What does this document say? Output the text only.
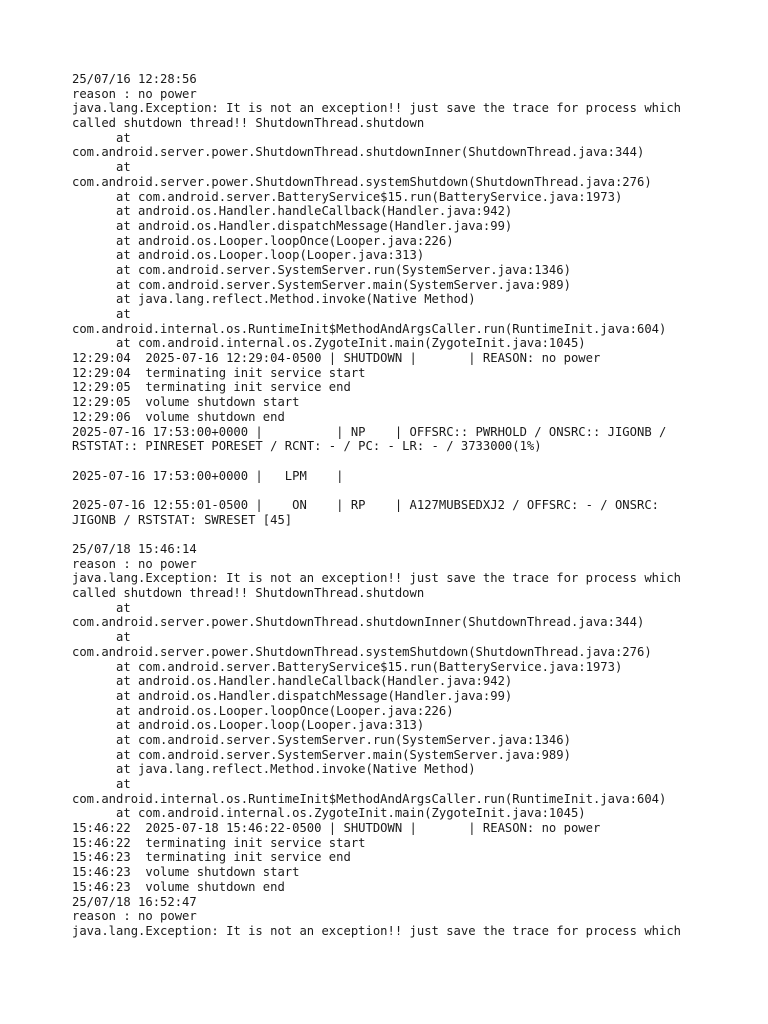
25/07/16 12:28:56
reason : no power
java.lang.Exception: It is not an exception!! just save the trace for process which
called shutdown thread!! ShutdownThread.shutdown
at
com.android.server.power.ShutdownThread.shutdownInner(ShutdownThread.java:344)
at
com.android.server.power.ShutdownThread.systemShutdown(ShutdownThread.java:276)
at com.android.server.BatteryService$15.run(BatteryService.java:1973)
at android.os.Handler.handleCallback(Handler.java:942)
at android.os.Handler.dispatchMessage(Handler.java:99)
at android.os.Looper.loopOnce(Looper.java:226)
at android.os.Looper.loop(Looper.java:313)
at com.android.server.SystemServer.run(SystemServer.java:1346)
at com.android.server.SystemServer.main(SystemServer.java:989)
at java.lang.reflect.Method.invoke(Native Method)
at
com.android.internal.os.RuntimeInit$MethodAndArgsCaller.run(RuntimeInit.java:604)
at com.android.internal.os.ZygoteInit.main(ZygoteInit.java:1045)
12:29:04  2025-07-16 12:29:04-0500 | SHUTDOWN |       | REASON: no power
12:29:04  terminating init service start
12:29:05  terminating init service end
12:29:05  volume shutdown start
12:29:06  volume shutdown end
2025-07-16 17:53:00+0000 |          | NP    | OFFSRC:: PWRHOLD / ONSRC:: JIGONB /
RSTSTAT:: PINRESET PORESET / RCNT: - / PC: - LR: - / 3733000(1%)
2025-07-16 17:53:00+0000 |   LPM    |
2025-07-16 12:55:01-0500 |    ON    | RP    | A127MUBSEDXJ2 / OFFSRC: - / ONSRC:
JIGONB / RSTSTAT: SWRESET [45]
25/07/18 15:46:14
reason : no power
java.lang.Exception: It is not an exception!! just save the trace for process which
called shutdown thread!! ShutdownThread.shutdown
at
com.android.server.power.ShutdownThread.shutdownInner(ShutdownThread.java:344)
at
com.android.server.power.ShutdownThread.systemShutdown(ShutdownThread.java:276)
at com.android.server.BatteryService$15.run(BatteryService.java:1973)
at android.os.Handler.handleCallback(Handler.java:942)
at android.os.Handler.dispatchMessage(Handler.java:99)
at android.os.Looper.loopOnce(Looper.java:226)
at android.os.Looper.loop(Looper.java:313)
at com.android.server.SystemServer.run(SystemServer.java:1346)
at com.android.server.SystemServer.main(SystemServer.java:989)
at java.lang.reflect.Method.invoke(Native Method)
at
com.android.internal.os.RuntimeInit$MethodAndArgsCaller.run(RuntimeInit.java:604)
at com.android.internal.os.ZygoteInit.main(ZygoteInit.java:1045)
15:46:22  2025-07-18 15:46:22-0500 | SHUTDOWN |       | REASON: no power
15:46:22  terminating init service start
15:46:23  terminating init service end
15:46:23  volume shutdown start
15:46:23  volume shutdown end
25/07/18 16:52:47
reason : no power
java.lang.Exception: It is not an exception!! just save the trace for process which
